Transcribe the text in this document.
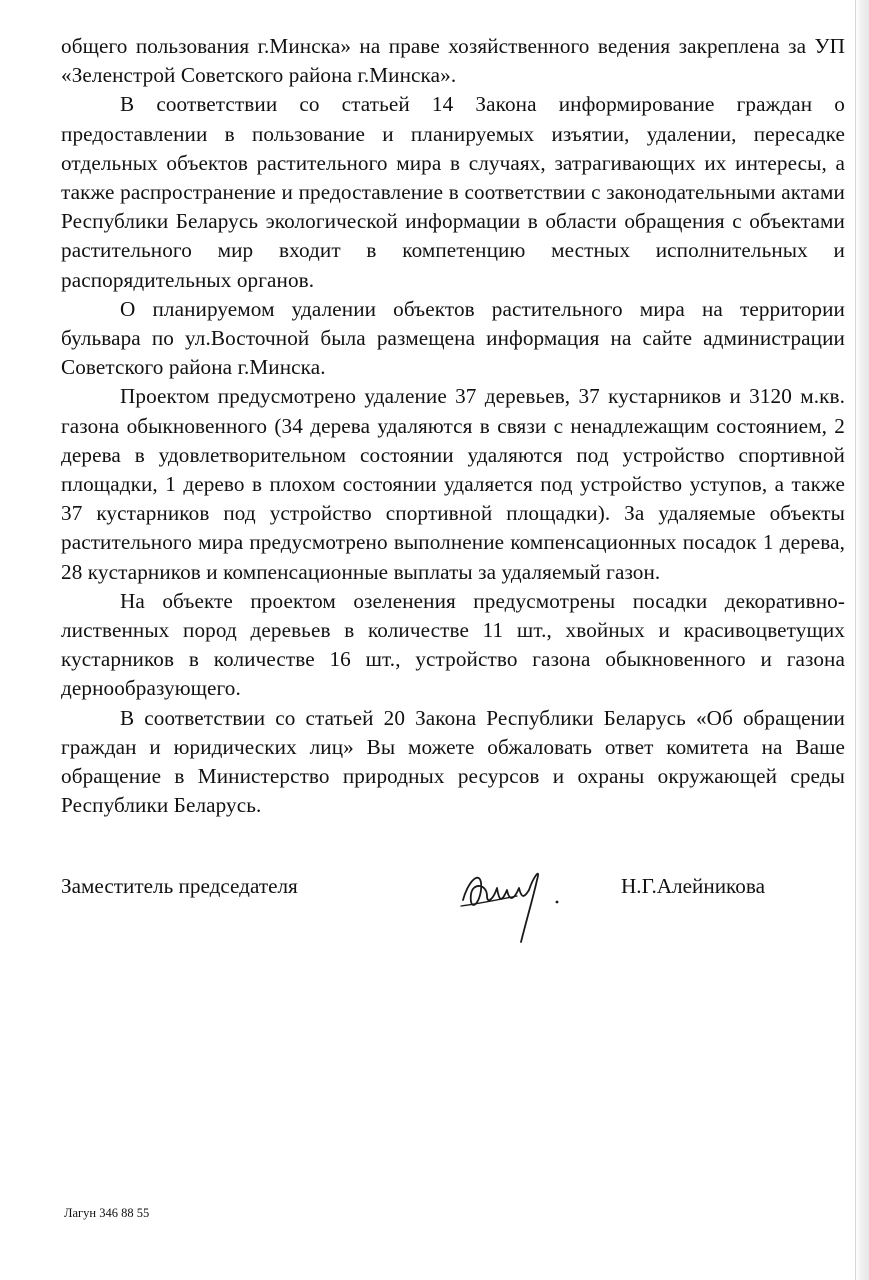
общего пользования г.Минска» на праве хозяйственного ведения закреплена за УП «Зеленстрой Советского района г.Минска».

В соответствии со статьей 14 Закона информирование граждан о предоставлении в пользование и планируемых изъятии, удалении, пересадке отдельных объектов растительного мира в случаях, затрагивающих их интересы, а также распространение и предоставление в соответствии с законодательными актами Республики Беларусь экологической информации в области обращения с объектами растительного мир входит в компетенцию местных исполнительных и распорядительных органов.

О планируемом удалении объектов растительного мира на территории бульвара по ул.Восточной была размещена информация на сайте администрации Советского района г.Минска.

Проектом предусмотрено удаление 37 деревьев, 37 кустарников и 3120 м.кв. газона обыкновенного (34 дерева удаляются в связи с ненадлежащим состоянием, 2 дерева в удовлетворительном состоянии удаляются под устройство спортивной площадки, 1 дерево в плохом состоянии удаляется под устройство уступов, а также 37 кустарников под устройство спортивной площадки). За удаляемые объекты растительного мира предусмотрено выполнение компенсационных посадок 1 дерева, 28 кустарников и компенсационные выплаты за удаляемый газон.

На объекте проектом озеленения предусмотрены посадки декоративно-лиственных пород деревьев в количестве 11 шт., хвойных и красивоцветущих кустарников в количестве 16 шт., устройство газона обыкновенного и газона дернообразующего.

В соответствии со статьей 20 Закона Республики Беларусь «Об обращении граждан и юридических лиц» Вы можете обжаловать ответ комитета на Ваше обращение в Министерство природных ресурсов и охраны окружающей среды Республики Беларусь.

Заместитель председателя	Н.Г.Алейникова
Лагун 346 88 55
